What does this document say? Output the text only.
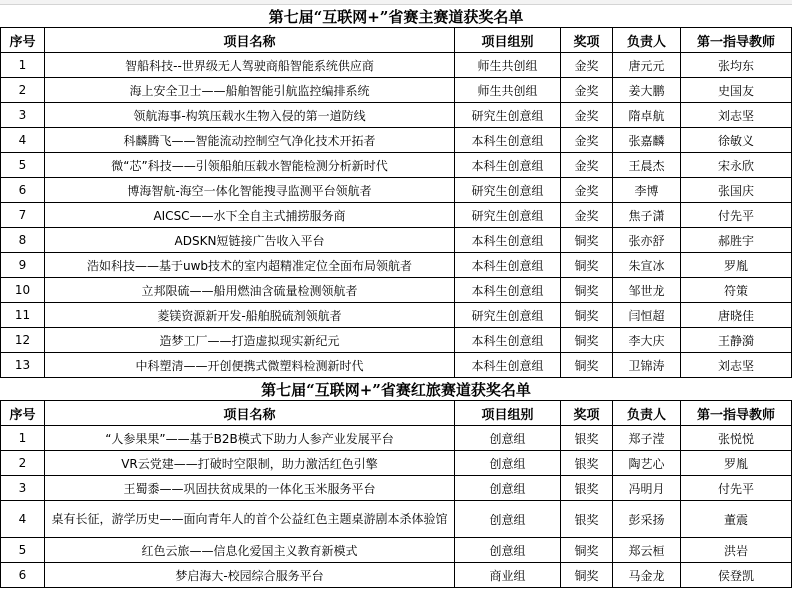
第七届“互联网+”省赛主赛道获奖名单					
序号	项目名称	项目组别	奖项	负责人	第一指导教师
1	智船科技--世界级无人驾驶商船智能系统供应商	师生共创组	金奖	唐元元	张均东
2	海上安全卫士——船舶智能引航监控编排系统	师生共创组	金奖	姜大鹏	史国友
3	领航海事-构筑压载水生物入侵的第一道防线	研究生创意组	金奖	隋卓航	刘志坚
4	科麟腾飞——智能流动控制空气净化技术开拓者	本科生创意组	金奖	张嘉麟	徐敏义
5	微“芯”科技——引领船舶压载水智能检测分析新时代	本科生创意组	金奖	王晨杰	宋永欣
6	博海智航-海空一体化智能搜寻监测平台领航者	研究生创意组	金奖	李博	张国庆
7	AICSC——水下全自主式捕捞服务商	研究生创意组	金奖	焦子潇	付先平
8	ADSKN短链接广告收入平台	本科生创意组	铜奖	张亦舒	郝胜宇
9	浩如科技——基于uwb技术的室内超精准定位全面布局领航者	本科生创意组	铜奖	朱宣冰	罗胤
10	立邦限硫——船用燃油含硫量检测领航者	本科生创意组	铜奖	邹世龙	符策
11	菱镁资源新开发-船舶脱硫剂领航者	研究生创意组	铜奖	闫恒超	唐晓佳
12	造梦工厂——打造虚拟现实新纪元	本科生创意组	铜奖	李大庆	王静漪
13	中科塑清——开创便携式微塑料检测新时代	本科生创意组	铜奖	卫锦涛	刘志坚
第七届“互联网+”省赛红旅赛道获奖名单					
序号	项目名称	项目组别	奖项	负责人	第一指导教师
1	“人参果果”——基于B2B模式下助力人参产业发展平台	创意组	银奖	郑子滢	张悦悦
2	VR云党建——打破时空限制，助力激活红色引擎	创意组	银奖	陶艺心	罗胤
3	王蜀黍——巩固扶贫成果的一体化玉米服务平台	创意组	银奖	冯明月	付先平
4	桌有长征，游学历史——面向青年人的首个公益红色主题桌游剧本杀体验馆	创意组	银奖	彭采扬	董震
5	红色云旅——信息化爱国主义教育新模式	创意组	铜奖	郑云桓	洪岩
6	梦启海大-校园综合服务平台	商业组	铜奖	马金龙	侯登凯
